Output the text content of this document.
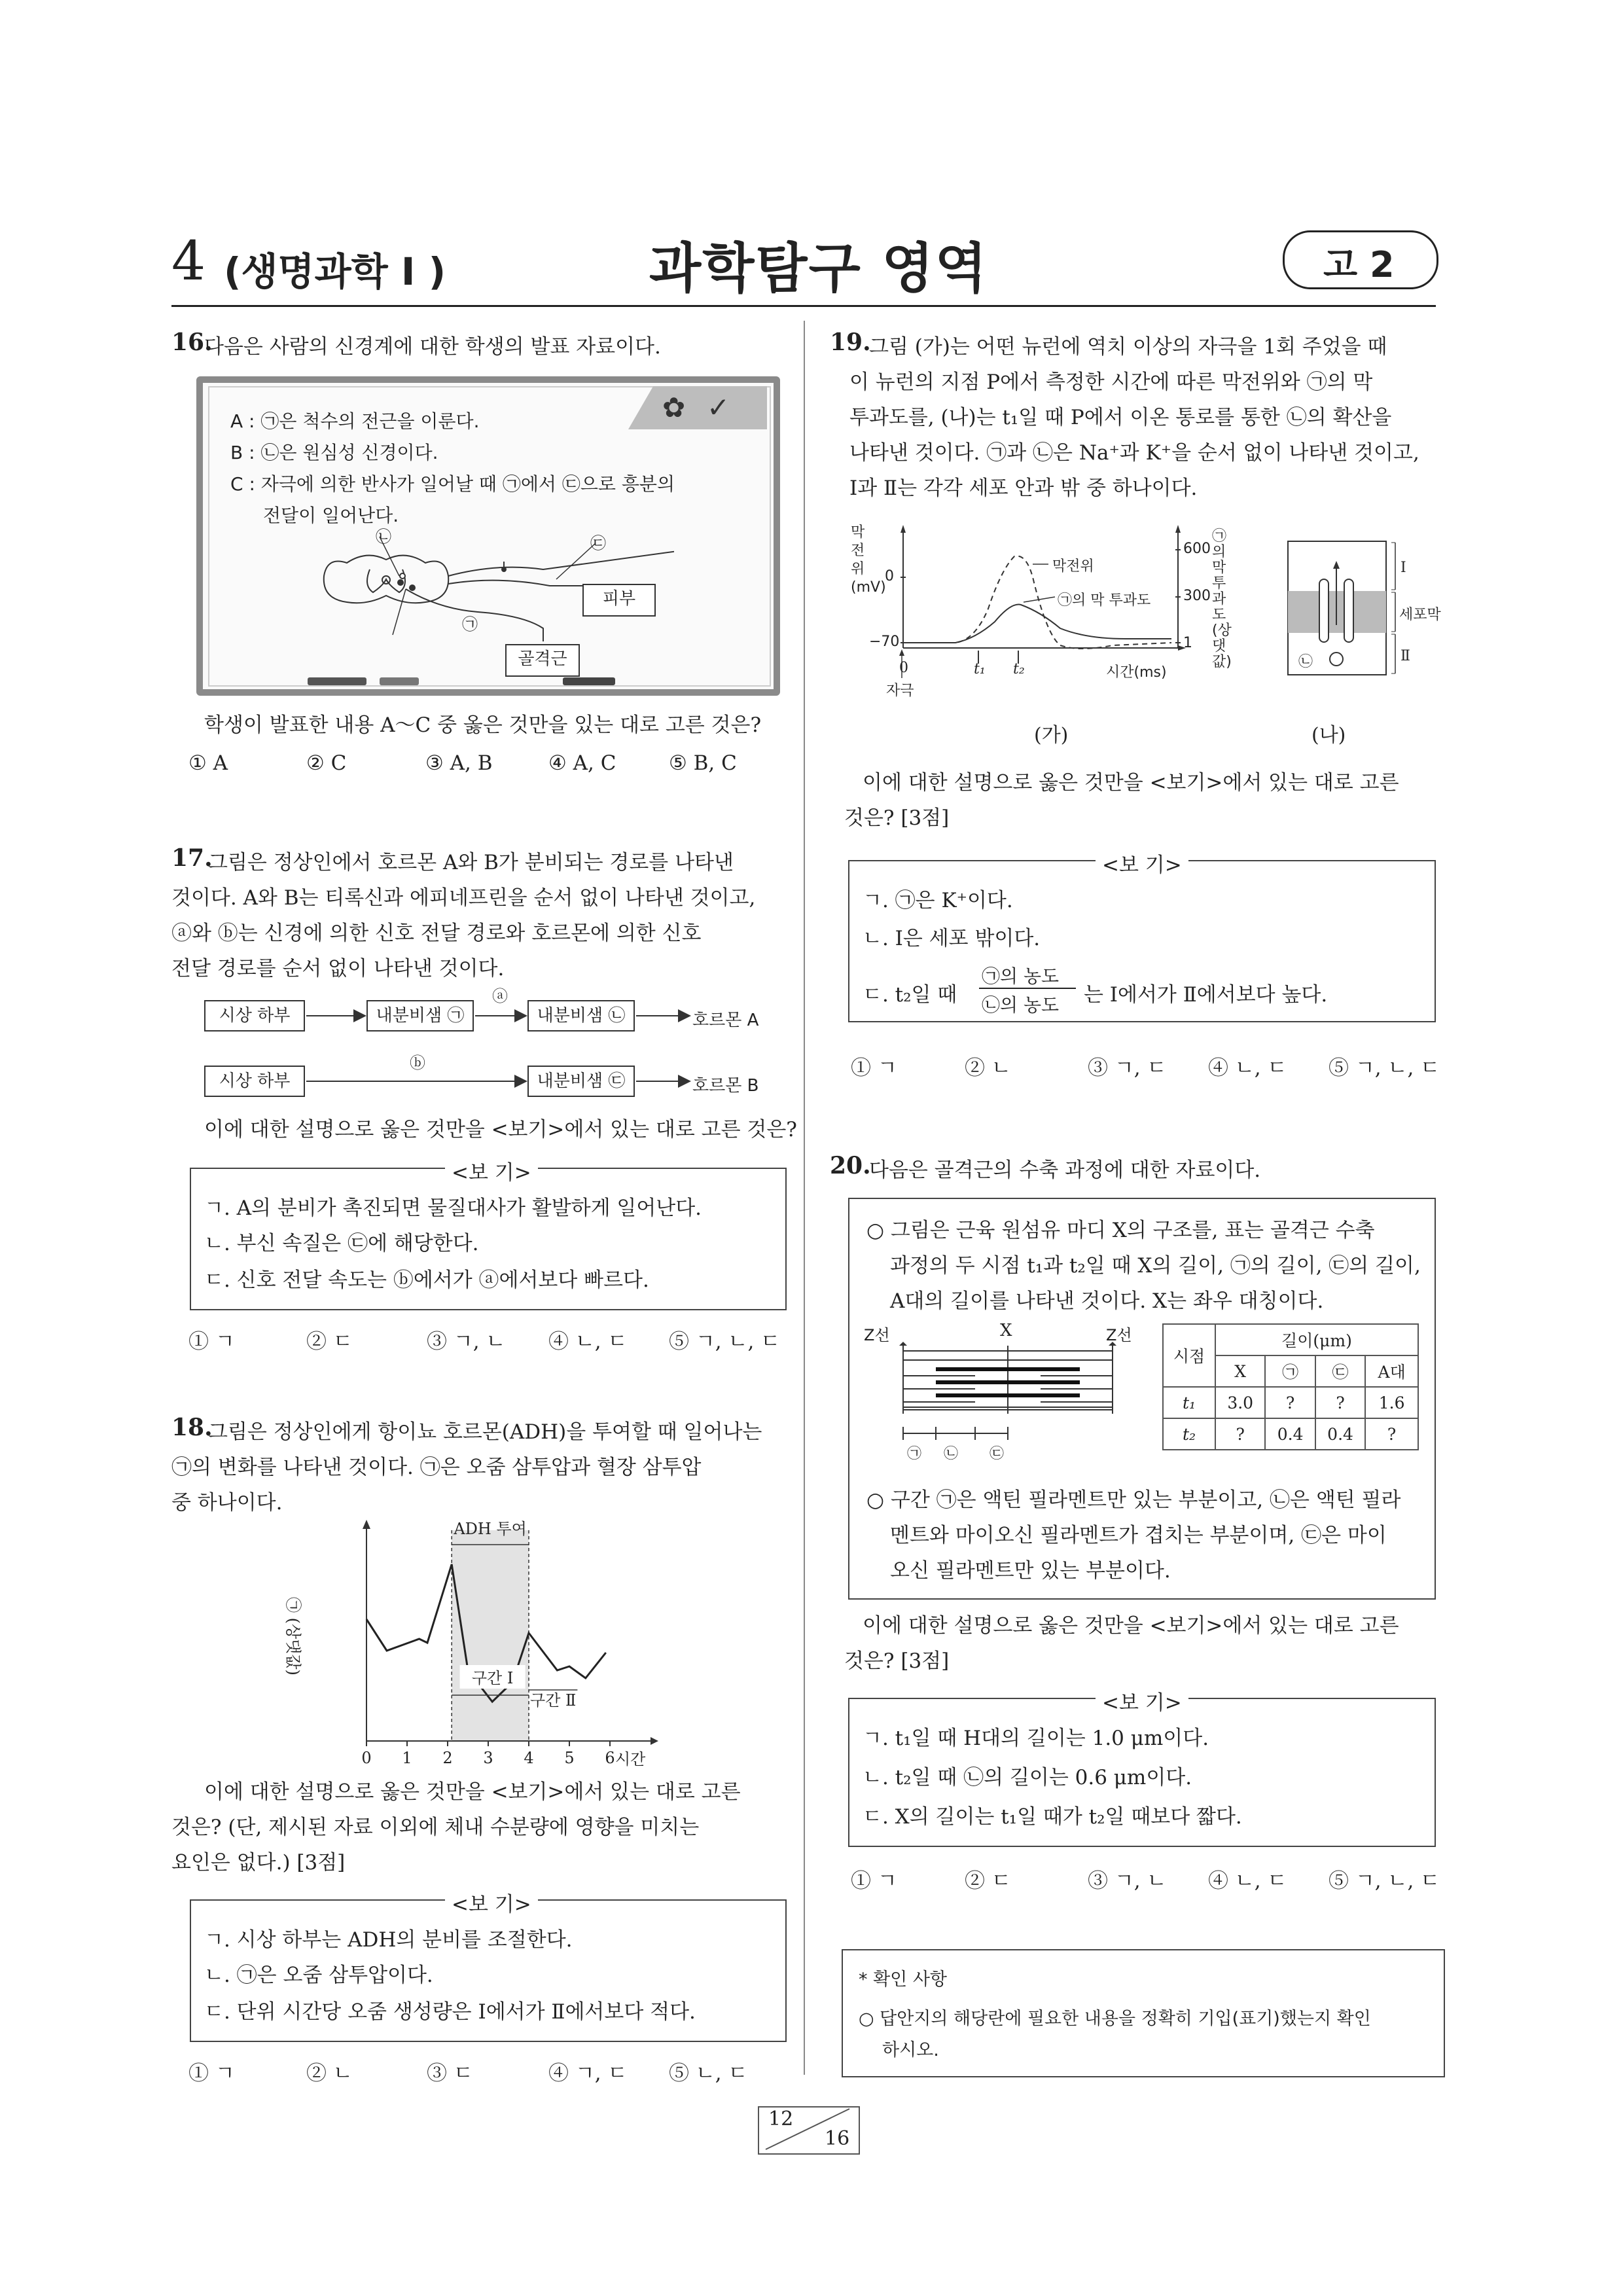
4 (생명과학 I )	과학탐구 영역	고 2
16.
다음은 사람의 신경계에 대한 학생의 발표 자료이다.
✿ ✓
A : ㉠은 척수의 전근을 이룬다.
B : ㉡은 원심성 신경이다.
C : 자극에 의한 반사가 일어날 때 ㉠에서 ㉢으로 흥분의
전달이 일어난다.
㉡	㉢
㉠
피부
골격근
학생이 발표한 내용 A～C 중 옳은 것만을 있는 대로 고른 것은?
① A	② C	③ A, B	④ A, C	⑤ B, C
17.
그림은 정상인에서 호르몬 A와 B가 분비되는 경로를 나타낸
것이다. A와 B는 티록신과 에피네프린을 순서 없이 나타낸 것이고,
ⓐ와 ⓑ는 신경에 의한 신호 전달 경로와 호르몬에 의한 신호
전달 경로를 순서 없이 나타낸 것이다.
시상 하부	내분비샘 ㉠	내분비샘 ㉡	호르몬 A
시상 하부	내분비샘 ㉢	호르몬 B
ⓐ
ⓑ
이에 대한 설명으로 옳은 것만을 <보기>에서 있는 대로 고른 것은?
<보 기>
ㄱ. A의 분비가 촉진되면 물질대사가 활발하게 일어난다.
ㄴ. 부신 속질은 ㉢에 해당한다.
ㄷ. 신호 전달 속도는 ⓑ에서가 ⓐ에서보다 빠르다.
① ㄱ	② ㄷ	③ ㄱ, ㄴ ④ ㄴ, ㄷ ⑤ ㄱ, ㄴ, ㄷ
18.
그림은 정상인에게 항이뇨 호르몬(ADH)을 투여할 때 일어나는
㉠의 변화를 나타낸 것이다. ㉠은 오줌 삼투압과 혈장 삼투압
중 하나이다.
0 1 2 3 4 5 6
ADH 투여
구간 Ⅰ
구간 Ⅱ
㉠ (상댓값)
시간
이에 대한 설명으로 옳은 것만을 <보기>에서 있는 대로 고른
것은? (단, 제시된 자료 이외에 체내 수분량에 영향을 미치는
요인은 없다.) [3점]
<보 기>
ㄱ. 시상 하부는 ADH의 분비를 조절한다.
ㄴ. ㉠은 오줌 삼투압이다.
ㄷ. 단위 시간당 오줌 생성량은 Ⅰ에서가 Ⅱ에서보다 적다.
① ㄱ	② ㄴ	③ ㄷ	④ ㄱ, ㄷ ⑤ ㄴ, ㄷ
19.
그림 (가)는 어떤 뉴런에 역치 이상의 자극을 1회 주었을 때
이 뉴런의 지점 P에서 측정한 시간에 따른 막전위와 ㉠의 막
투과도를, (나)는 t₁일 때 P에서 이온 통로를 통한 ㉡의 확산을
나타낸 것이다. ㉠과 ㉡은 Na⁺과 K⁺을 순서 없이 나타낸 것이고,
Ⅰ과 Ⅱ는 각각 세포 안과 밖 중 하나이다.
막전위 (mV)
0
−70
막전위
㉠의 막 투과도
600
300
1
㉠의 막 투과도 (상댓값)
0	t₁ t₂	시간(ms)
자극
Ⅰ
세포막
Ⅱ
㉡
(가)	(나)
이에 대한 설명으로 옳은 것만을 <보기>에서 있는 대로 고른
것은? [3점]
<보 기>
ㄱ. ㉠은 K⁺이다.
ㄴ. Ⅰ은 세포 밖이다.
ㄷ. t₂일 때
㉠의 농도
㉡의 농도 는 Ⅰ에서가 Ⅱ에서보다 높다.
① ㄱ	② ㄴ	③ ㄱ, ㄷ ④ ㄴ, ㄷ ⑤ ㄱ, ㄴ, ㄷ
20.
다음은 골격근의 수축 과정에 대한 자료이다.
○ 그림은 근육 원섬유 마디 X의 구조를, 표는 골격근 수축
과정의 두 시점 t₁과 t₂일 때 X의 길이, ㉠의 길이, ㉢의 길이,
A대의 길이를 나타낸 것이다. X는 좌우 대칭이다.
Z선	X	Z선
㉠ ㉡ ㉢
시점	길이(μm)			
	X	㉠	㉢	A대
t₁	3.0	?	?	1.6
t₂	?	0.4	0.4	?
○ 구간 ㉠은 액틴 필라멘트만 있는 부분이고, ㉡은 액틴 필라
멘트와 마이오신 필라멘트가 겹치는 부분이며, ㉢은 마이
오신 필라멘트만 있는 부분이다.
이에 대한 설명으로 옳은 것만을 <보기>에서 있는 대로 고른
것은? [3점]
<보 기>
ㄱ. t₁일 때 H대의 길이는 1.0 μm이다.
ㄴ. t₂일 때 ㉡의 길이는 0.6 μm이다.
ㄷ. X의 길이는 t₁일 때가 t₂일 때보다 짧다.
① ㄱ	② ㄷ	③ ㄱ, ㄴ ④ ㄴ, ㄷ ⑤ ㄱ, ㄴ, ㄷ
* 확인 사항
○ 답안지의 해당란에 필요한 내용을 정확히 기입(표기)했는지 확인
하시오.
12
16
